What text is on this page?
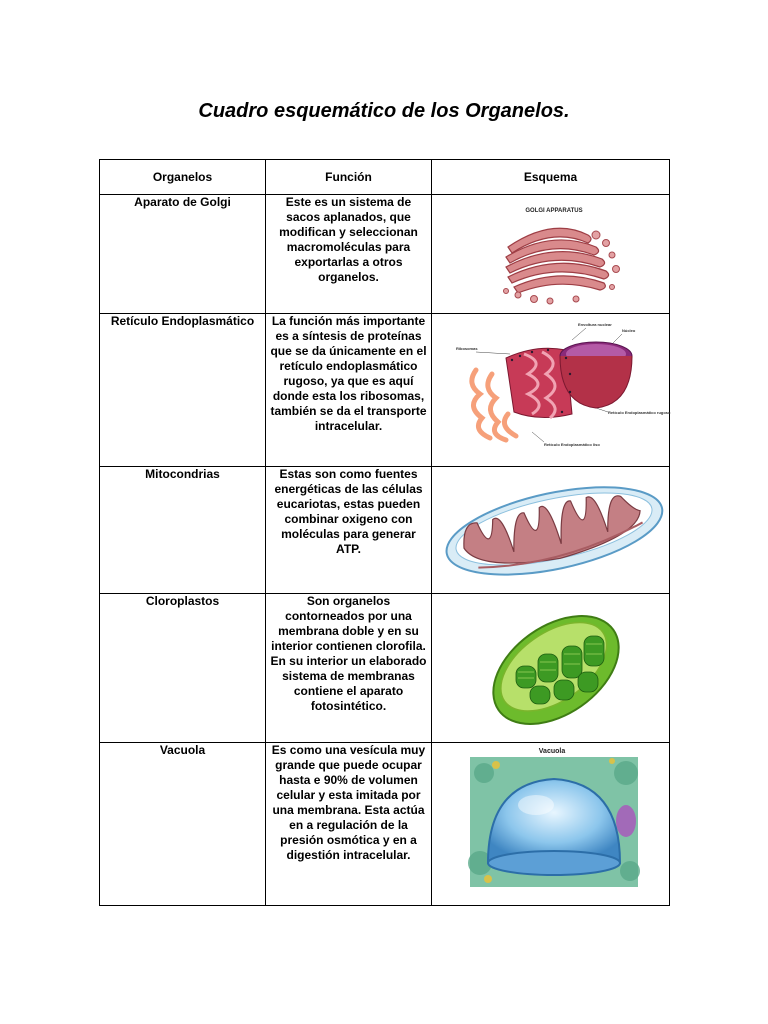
Cuadro esquemático de los Organelos.
Organelos	Función	Esquema
Aparato de Golgi	Este es un sistema de sacos aplanados, que modifican y seleccionan macromoléculas para exportarlas a otros organelos.	GOLGI APPARATUS

Retículo Endoplasmático	La función más importante es a síntesis de proteínas que se da únicamente en el retículo endoplasmático rugoso, ya que es aquí donde esta los ribosomas, también se da el transporte intracelular.	Envoltura nuclear
Núcleo
Ribosomas
Retículo Endoplasmático rugoso
Retículo Endoplasmático liso

Mitocondrias	Estas son como fuentes energéticas de las células eucariotas, estas pueden combinar oxigeno con moléculas para generar ATP.	

Cloroplastos	Son organelos contorneados por una membrana doble y en su interior contienen clorofila. En su interior un elaborado sistema de membranas contiene el aparato fotosintético.	

Vacuola	Es como una vesícula muy grande que puede ocupar hasta e 90% de volumen celular y esta imitada por una membrana. Esta actúa en a regulación de la presión osmótica y en a digestión intracelular.	Vacuola
